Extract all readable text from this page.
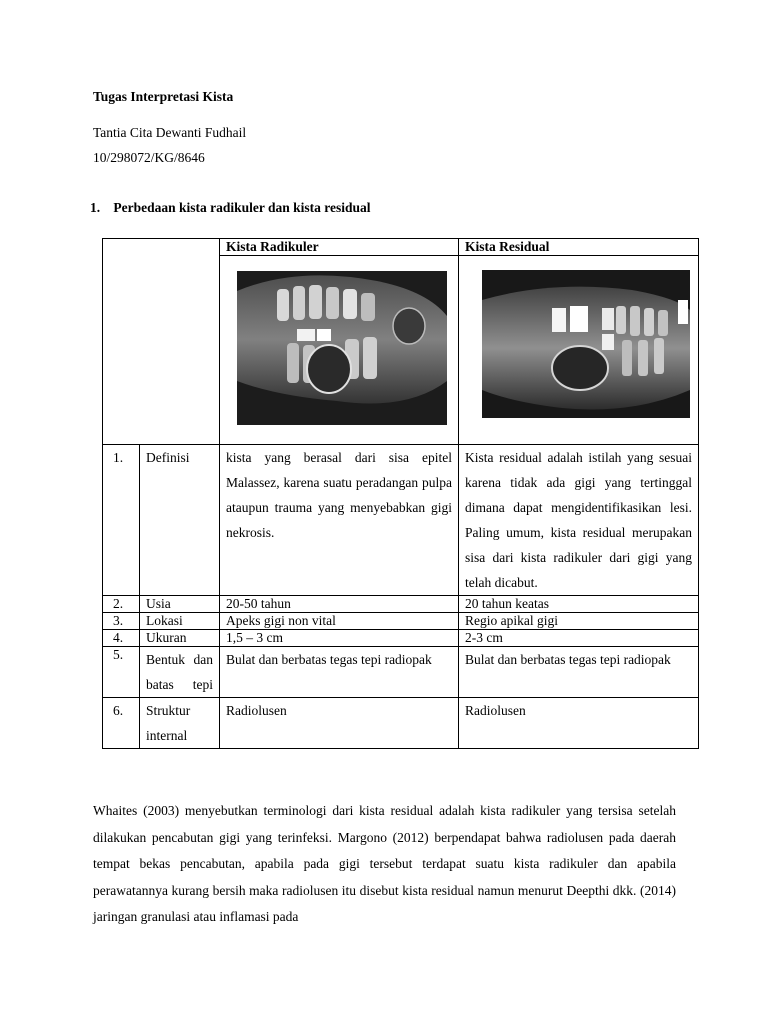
Tugas Interpretasi Kista
Tantia Cita Dewanti Fudhail
10/298072/KG/8646
1. Perbedaan kista radikuler dan kista residual
		Kista Radikuler	Kista Residual

1.	Definisi	kista yang berasal dari sisa epitel Malassez, karena suatu peradangan pulpa ataupun trauma yang menyebabkan gigi nekrosis.	Kista residual adalah istilah yang sesuai karena tidak ada gigi yang tertinggal dimana dapat mengidentifikasikan lesi. Paling umum, kista residual merupakan sisa dari kista radikuler dari gigi yang telah dicabut.
2.	Usia	20-50 tahun	20 tahun keatas
3.	Lokasi	Apeks gigi non vital	Regio apikal gigi
4.	Ukuran	1,5 – 3 cm	2-3 cm
5.	Bentuk dan batas tepi	Bulat dan berbatas tegas tepi radiopak	Bulat dan berbatas tegas tepi radiopak
6.	Struktur internal	Radiolusen	Radiolusen

Whaites (2003) menyebutkan terminologi dari kista residual adalah kista radikuler yang tersisa setelah dilakukan pencabutan gigi yang terinfeksi. Margono (2012) berpendapat bahwa radiolusen pada daerah tempat bekas pencabutan, apabila pada gigi tersebut terdapat suatu kista radikuler dan apabila perawatannya kurang bersih maka radiolusen itu disebut kista residual namun menurut Deepthi dkk. (2014) jaringan granulasi atau inflamasi pada
